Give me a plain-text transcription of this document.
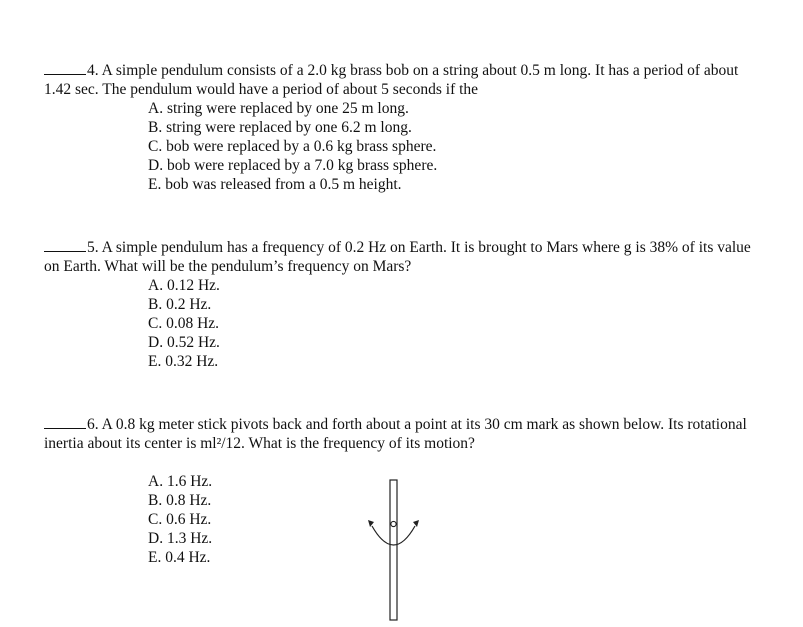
4. A simple pendulum consists of a 2.0 kg brass bob on a string about 0.5 m long. It has a period of about 1.42 sec. The pendulum would have a period of about 5 seconds if the

A. string were replaced by one 25 m long.
B. string were replaced by one 6.2 m long.
C. bob were replaced by a 0.6 kg brass sphere.
D. bob were replaced by a 7.0 kg brass sphere.
E. bob was released from a 0.5 m height.

5. A simple pendulum has a frequency of 0.2 Hz on Earth. It is brought to Mars where g is 38% of its value on Earth. What will be the pendulum’s frequency on Mars?

A. 0.12 Hz.
B. 0.2 Hz.
C. 0.08 Hz.
D. 0.52 Hz.
E. 0.32 Hz.

6. A 0.8 kg meter stick pivots back and forth about a point at its 30 cm mark as shown below. Its rotational inertia about its center is ml²/12. What is the frequency of its motion?

A. 1.6 Hz.
B. 0.8 Hz.
C. 0.6 Hz.
D. 1.3 Hz.
E. 0.4 Hz.
